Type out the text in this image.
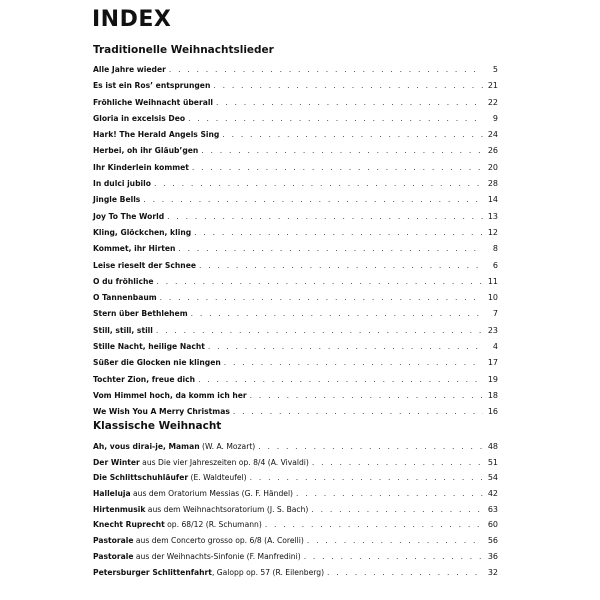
INDEX
Traditionelle Weihnachtslieder
Alle Jahre wieder . . .	5
Es ist ein Ros’ entsprungen . . .	21
Fröhliche Weihnacht überall . . .	22
Gloria in excelsis Deo . . .	9
Hark! The Herald Angels Sing . . .	24
Herbei, oh ihr Gläub’gen . . .	26
Ihr Kinderlein kommet . . .	20
In dulci jubilo . . .	28
Jingle Bells . . .	14
Joy To The World . . .	13
Kling, Glöckchen, kling . . .	12
Kommet, ihr Hirten . . .	8
Leise rieselt der Schnee . . .	6
O du fröhliche . . .	11
O Tannenbaum . . .	10
Stern über Bethlehem . . .	7
Still, still, still . . .	23
Stille Nacht, heilige Nacht . . .	4
Süßer die Glocken nie klingen . . .	17
Tochter Zion, freue dich . . .	19
Vom Himmel hoch, da komm ich her . . .	18
We Wish You A Merry Christmas . . .	16
Klassische Weihnacht
Ah, vous dirai-je, Maman (W. A. Mozart) . . .	48
Der Winter aus Die vier Jahreszeiten op. 8/4 (A. Vivaldi) . . .	51
Die Schlittschuhläufer (E. Waldteufel) . . .	54
Halleluja aus dem Oratorium Messias (G. F. Händel) . . .	42
Hirtenmusik aus dem Weihnachtsoratorium (J. S. Bach) . . .	63
Knecht Ruprecht op. 68/12 (R. Schumann) . . .	60
Pastorale aus dem Concerto grosso op. 6/8 (A. Corelli) . . .	56
Pastorale aus der Weihnachts-Sinfonie (F. Manfredini) . . .	36
Petersburger Schlittenfahrt, Galopp op. 57 (R. Eilenberg) . . .	32
